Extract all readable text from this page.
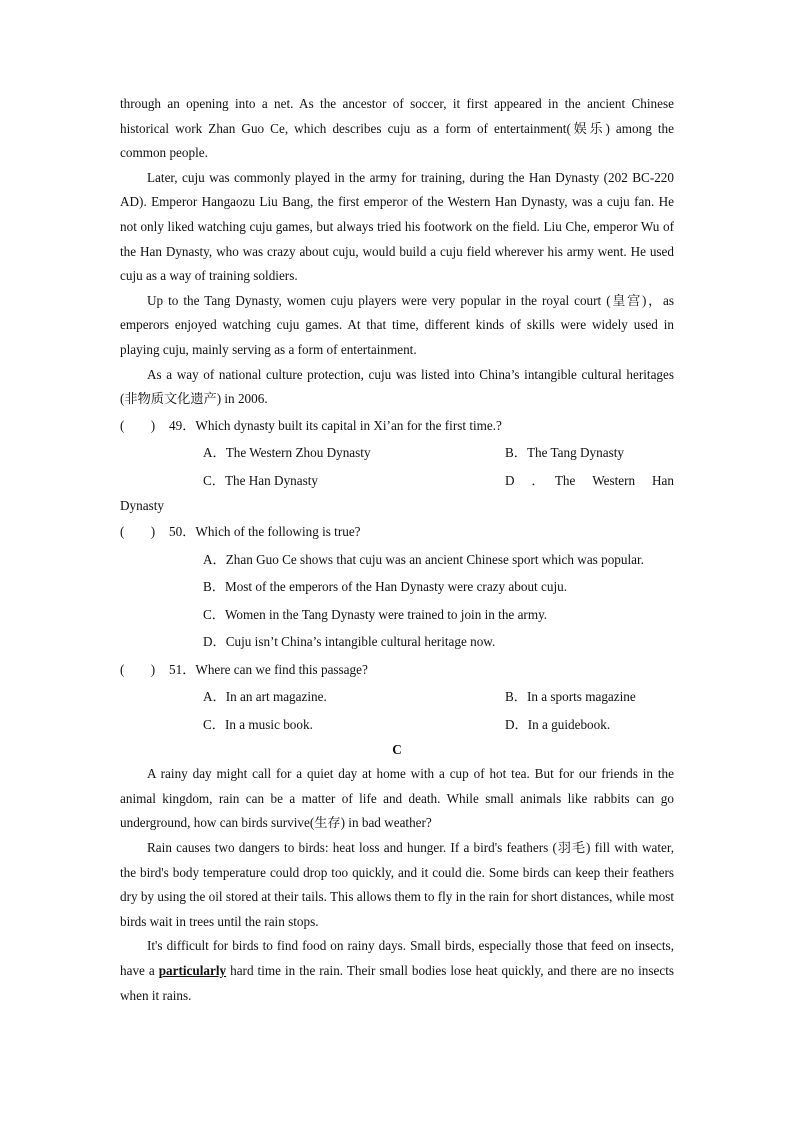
through an opening into a net. As the ancestor of soccer, it first appeared in the ancient Chinese historical work Zhan Guo Ce, which describes cuju as a form of entertainment(娱乐) among the common people.

Later, cuju was commonly played in the army for training, during the Han Dynasty (202 BC-220 AD). Emperor Hangaozu Liu Bang, the first emperor of the Western Han Dynasty, was a cuju fan. He not only liked watching cuju games, but always tried his footwork on the field. Liu Che, emperor Wu of the Han Dynasty, who was crazy about cuju, would build a cuju field wherever his army went. He used cuju as a way of training soldiers.

Up to the Tang Dynasty, women cuju players were very popular in the royal court (皇宫)，as emperors enjoyed watching cuju games. At that time, different kinds of skills were widely used in playing cuju, mainly serving as a form of entertainment.

As a way of national culture protection, cuju was listed into China’s intangible cultural heritages (非物质文化遗产) in 2006.

(　　) 49．Which dynasty built its capital in Xi’an for the first time.?
A．The Western Zhou Dynasty	B．The Tang Dynasty
C．The Han Dynasty	D　．　The　Western　Han
Dynasty
(　　) 50．Which of the following is true?
A．Zhan Guo Ce shows that cuju was an ancient Chinese sport which was popular.
B．Most of the emperors of the Han Dynasty were crazy about cuju.
C．Women in the Tang Dynasty were trained to join in the army.
D．Cuju isn’t China’s intangible cultural heritage now.
(　　) 51．Where can we find this passage?
A．In an art magazine.	B．In a sports magazine
C．In a music book.	D．In a guidebook.
C

A rainy day might call for a quiet day at home with a cup of hot tea. But for our friends in the animal kingdom, rain can be a matter of life and death. While small animals like rabbits can go underground, how can birds survive(生存) in bad weather?

Rain causes two dangers to birds: heat loss and hunger. If a bird's feathers (羽毛) fill with water, the bird's body temperature could drop too quickly, and it could die. Some birds can keep their feathers dry by using the oil stored at their tails. This allows them to fly in the rain for short distances, while most birds wait in trees until the rain stops.

It's difficult for birds to find food on rainy days. Small birds, especially those that feed on insects, have a particularly hard time in the rain. Their small bodies lose heat quickly, and there are no insects when it rains.
